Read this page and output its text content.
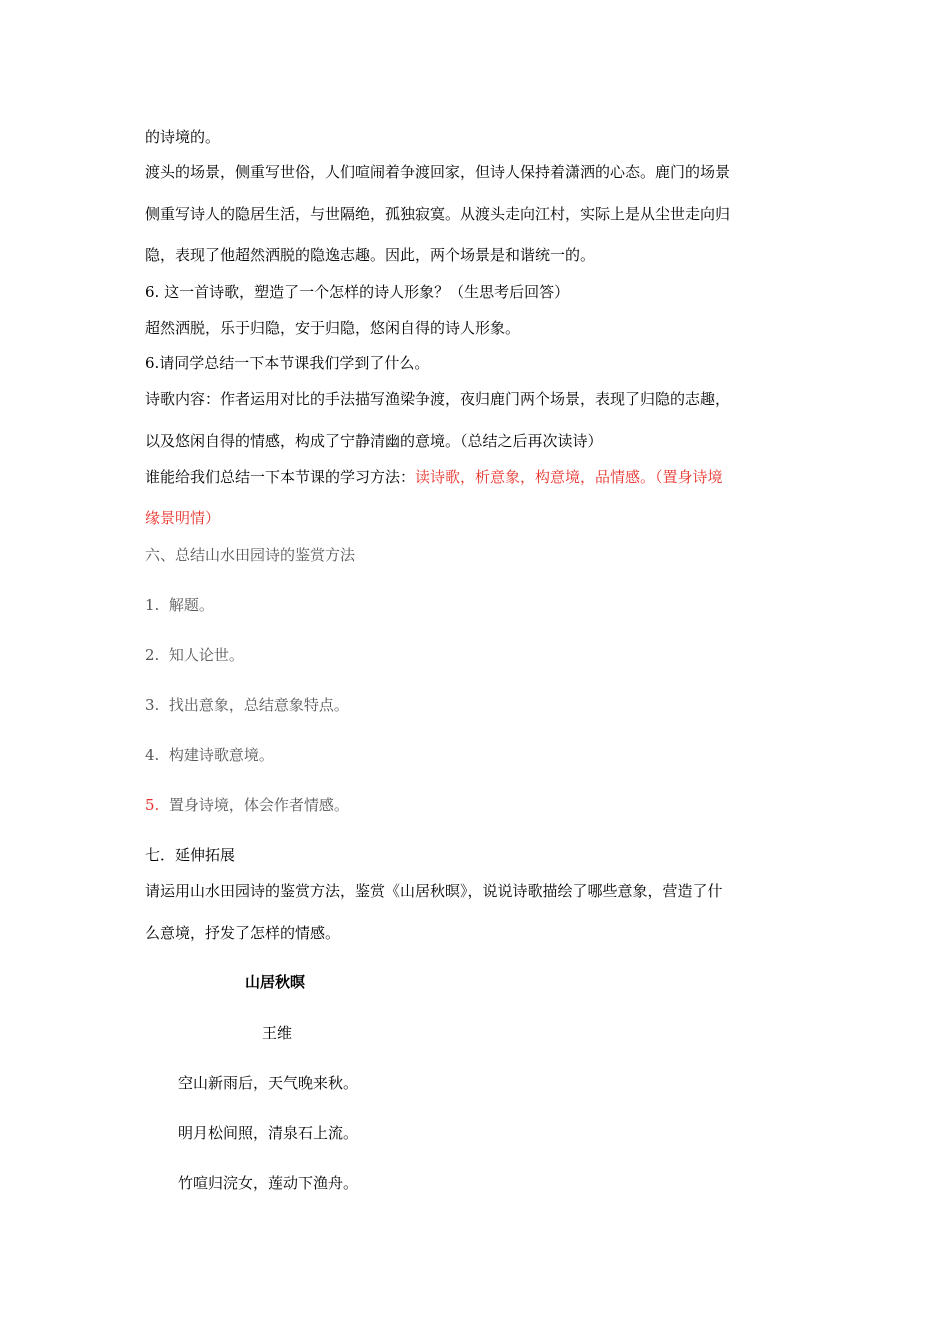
的诗境的。
渡头的场景，侧重写世俗，人们喧闹着争渡回家，但诗人保持着潇洒的心态。鹿门的场景
侧重写诗人的隐居生活，与世隔绝，孤独寂寞。从渡头走向江村，实际上是从尘世走向归
隐，表现了他超然洒脱的隐逸志趣。因此，两个场景是和谐统一的。
6. 这一首诗歌，塑造了一个怎样的诗人形象？（生思考后回答）
超然洒脱，乐于归隐，安于归隐，悠闲自得的诗人形象。
6.请同学总结一下本节课我们学到了什么。
诗歌内容：作者运用对比的手法描写渔梁争渡，夜归鹿门两个场景，表现了归隐的志趣，
以及悠闲自得的情感，构成了宁静清幽的意境。（总结之后再次读诗）
谁能给我们总结一下本节课的学习方法：读诗歌，析意象，构意境，品情感。（置身诗境
缘景明情）
六、总结山水田园诗的鉴赏方法
1. 解题。
2. 知人论世。
3. 找出意象，总结意象特点。
4. 构建诗歌意境。
5. 置身诗境，体会作者情感。
七．延伸拓展
请运用山水田园诗的鉴赏方法，鉴赏《山居秋暝》，说说诗歌描绘了哪些意象，营造了什
么意境，抒发了怎样的情感。
山居秋暝
王维
空山新雨后，天气晚来秋。
明月松间照，清泉石上流。
竹喧归浣女，莲动下渔舟。
